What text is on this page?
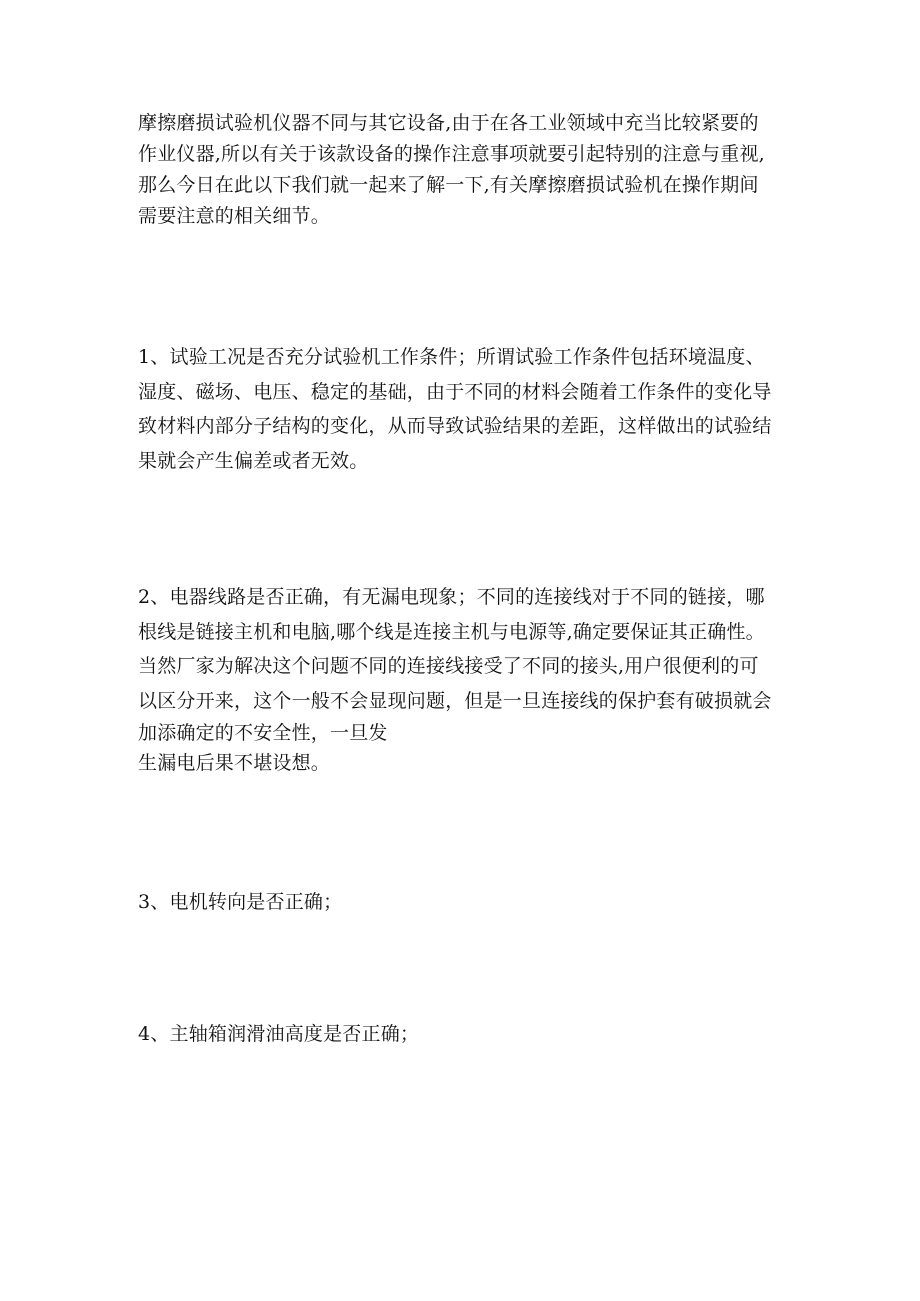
摩擦磨损试验机仪器不同与其它设备,由于在各工业领域中充当比较紧要的
作业仪器,所以有关于该款设备的操作注意事项就要引起特别的注意与重视,
那么今日在此以下我们就一起来了解一下,有关摩擦磨损试验机在操作期间
需要注意的相关细节。
1、试验工况是否充分试验机工作条件；所谓试验工作条件包括环境温度、
湿度、磁场、电压、稳定的基础，由于不同的材料会随着工作条件的变化导
致材料内部分子结构的变化，从而导致试验结果的差距，这样做出的试验结
果就会产生偏差或者无效。
2、电器线路是否正确，有无漏电现象；不同的连接线对于不同的链接，哪
根线是链接主机和电脑,哪个线是连接主机与电源等,确定要保证其正确性。
当然厂家为解决这个问题不同的连接线接受了不同的接头,用户很便利的可
以区分开来，这个一般不会显现问题，但是一旦连接线的保护套有破损就会
加添确定的不安全性，一旦发
生漏电后果不堪设想。
3、电机转向是否正确；
4、主轴箱润滑油高度是否正确；
